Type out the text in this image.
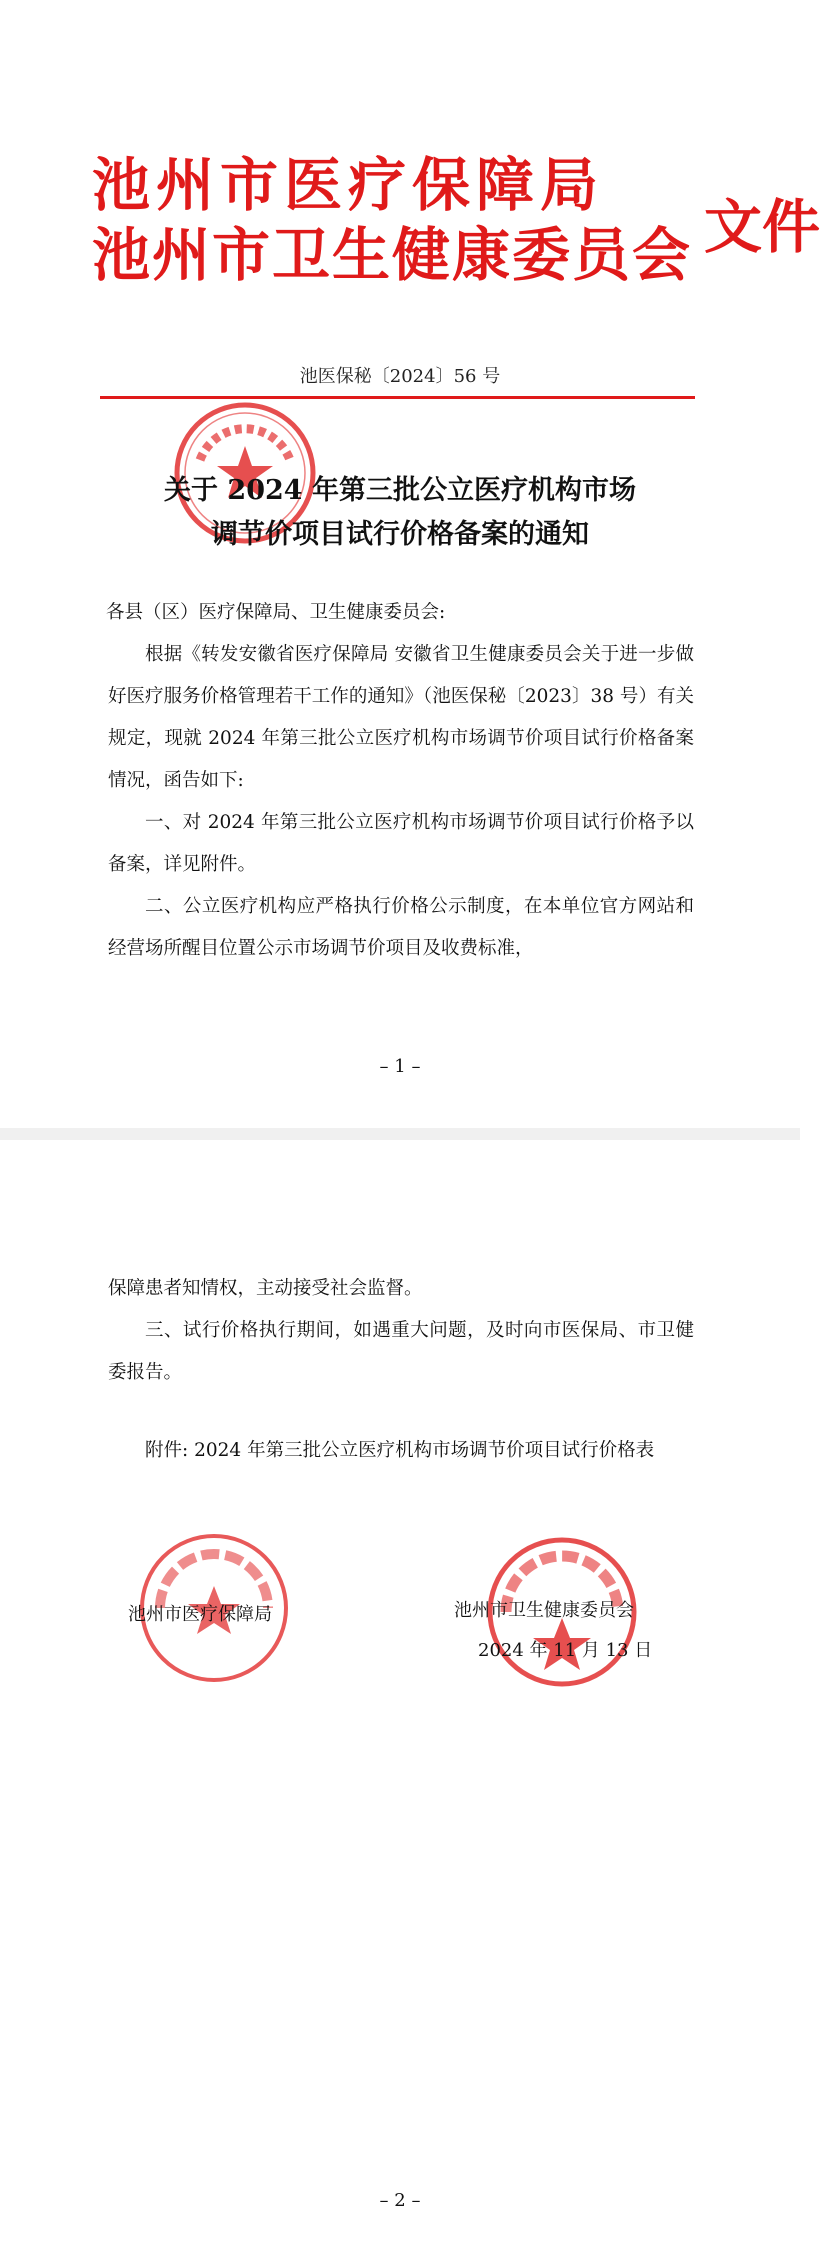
池州市医疗保障局
池州市卫生健康委员会 文件
池医保秘〔2024〕56 号
关于 2024 年第三批公立医疗机构市场
调节价项目试行价格备案的通知

各县（区）医疗保障局、卫生健康委员会:

根据《转发安徽省医疗保障局 安徽省卫生健康委员会关于进一步做好医疗服务价格管理若干工作的通知》（池医保秘〔2023〕38 号）有关规定，现就 2024 年第三批公立医疗机构市场调节价项目试行价格备案情况，函告如下:

一、对 2024 年第三批公立医疗机构市场调节价项目试行价格予以备案，详见附件。

二、公立医疗机构应严格执行价格公示制度，在本单位官方网站和经营场所醒目位置公示市场调节价项目及收费标准，

– 1 –

保障患者知情权，主动接受社会监督。

三、试行价格执行期间，如遇重大问题，及时向市医保局、市卫健委报告。

附件: 2024 年第三批公立医疗机构市场调节价项目试行价格表
池州市医疗保障局	池州市卫生健康委员会
2024 年 11 月 13 日
– 2 –
